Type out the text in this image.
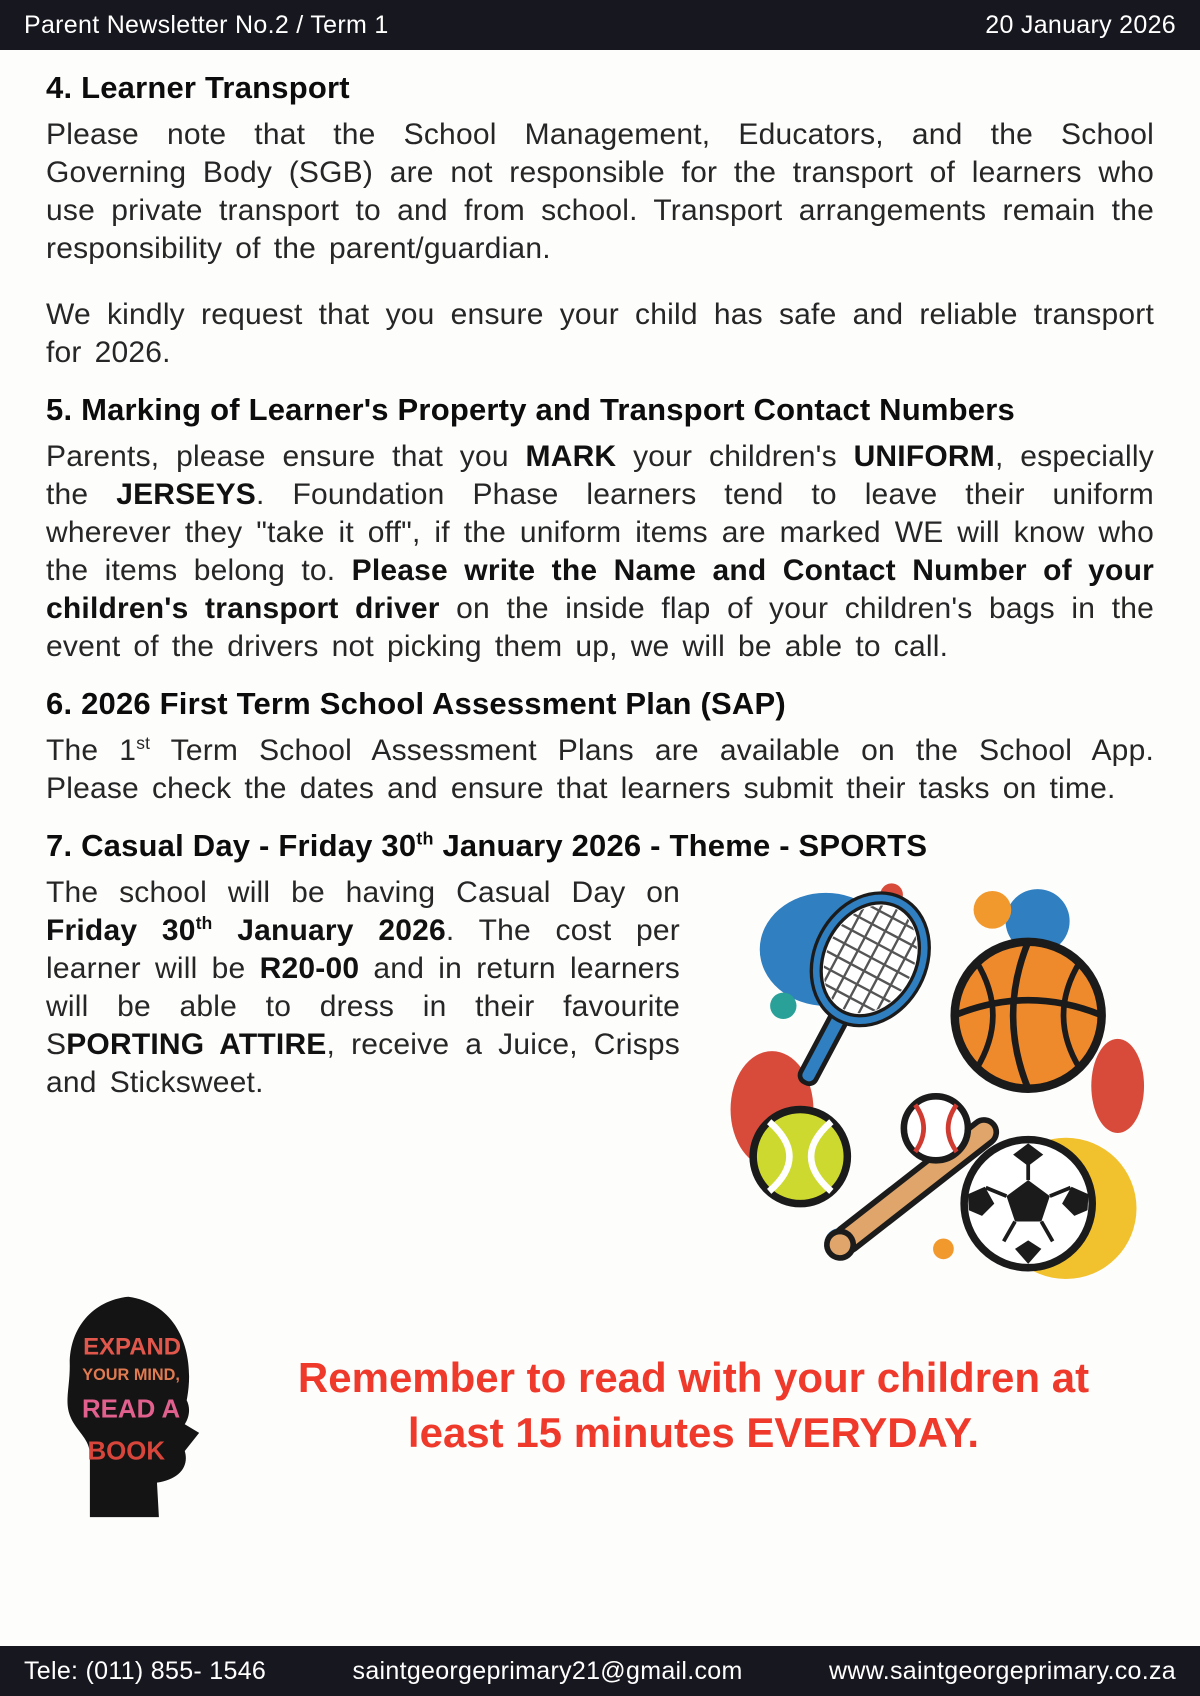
Parent Newsletter No.2 / Term 1	20 January 2026
4. Learner Transport

Please note that the School Management, Educators, and the School Governing Body (SGB) are not responsible for the transport of learners who use private transport to and from school. Transport arrangements remain the responsibility of the parent/guardian.

We kindly request that you ensure your child has safe and reliable transport for 2026.

5. Marking of Learner's Property and Transport Contact Numbers

Parents, please ensure that you MARK your children's UNIFORM, especially the JERSEYS. Foundation Phase learners tend to leave their uniform wherever they "take it off", if the uniform items are marked WE will know who the items belong to. Please write the Name and Contact Number of your children's transport driver on the inside flap of your children's bags in the event of the drivers not picking them up, we will be able to call.

6. 2026 First Term School Assessment Plan (SAP)

The 1st Term School Assessment Plans are available on the School App. Please check the dates and ensure that learners submit their tasks on time.

7. Casual Day - Friday 30th January 2026 - Theme - SPORTS

The school will be having Casual Day on Friday 30th January 2026. The cost per learner will be R20-00 and in return learners will be able to dress in their favourite SPORTING ATTIRE, receive a Juice, Crisps and Sticksweet.

EXPAND
YOUR MIND,
READ A
BOOK
Remember to read with your children at least 15 minutes EVERYDAY.
Tele: (011) 855- 1546	saintgeorgeprimary21@gmail.com	www.saintgeorgeprimary.co.za
